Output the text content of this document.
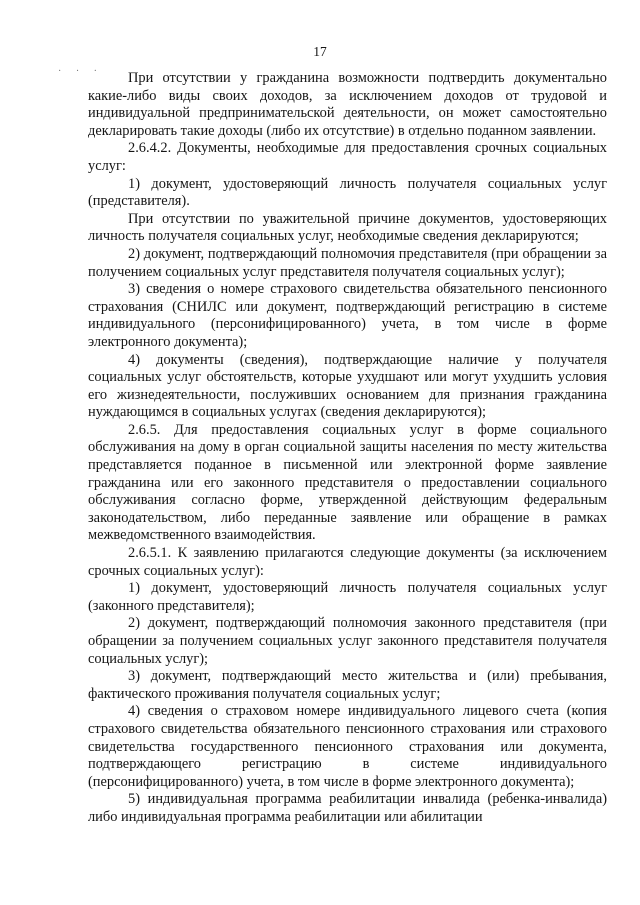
17
· · ·	При отсутствии у гражданина возможности подтвердить документально какие-либо виды своих доходов, за исключением доходов от трудовой и индивидуальной предпринимательской деятельности, он может самостоятельно декларировать такие доходы (либо их отсутствие) в отдельно поданном заявлении.

2.6.4.2. Документы, необходимые для предоставления срочных социальных услуг:

1) документ, удостоверяющий личность получателя социальных услуг (представителя).

При отсутствии по уважительной причине документов, удостоверяющих личность получателя социальных услуг, необходимые сведения декларируются;

2) документ, подтверждающий полномочия представителя (при обращении за получением социальных услуг представителя получателя социальных услуг);

3) сведения о номере страхового свидетельства обязательного пенсионного страхования (СНИЛС или документ, подтверждающий регистрацию в системе индивидуального (персонифицированного) учета, в том числе в форме электронного документа);

4) документы (сведения), подтверждающие наличие у получателя социальных услуг обстоятельств, которые ухудшают или могут ухудшить условия его жизнедеятельности, послуживших основанием для признания гражданина нуждающимся в социальных услугах (сведения декларируются);

2.6.5. Для предоставления социальных услуг в форме социального обслуживания на дому в орган социальной защиты населения по месту жительства представляется поданное в письменной или электронной форме заявление гражданина или его законного представителя о предоставлении социального обслуживания согласно форме, утвержденной действующим федеральным законодательством, либо переданные заявление или обращение в рамках межведомственного взаимодействия.

2.6.5.1. К заявлению прилагаются следующие документы (за исключением срочных социальных услуг):

1) документ, удостоверяющий личность получателя социальных услуг (законного представителя);

2) документ, подтверждающий полномочия законного представителя (при обращении за получением социальных услуг законного представителя получателя социальных услуг);

3) документ, подтверждающий место жительства и (или) пребывания, фактического проживания получателя социальных услуг;

4) сведения о страховом номере индивидуального лицевого счета (копия страхового свидетельства обязательного пенсионного страхования или страхового свидетельства государственного пенсионного страхования или документа, подтверждающего регистрацию в системе индивидуального (персонифицированного) учета, в том числе в форме электронного документа);

5) индивидуальная программа реабилитации инвалида (ребенка-инвалида) либо индивидуальная программа реабилитации или абилитации
